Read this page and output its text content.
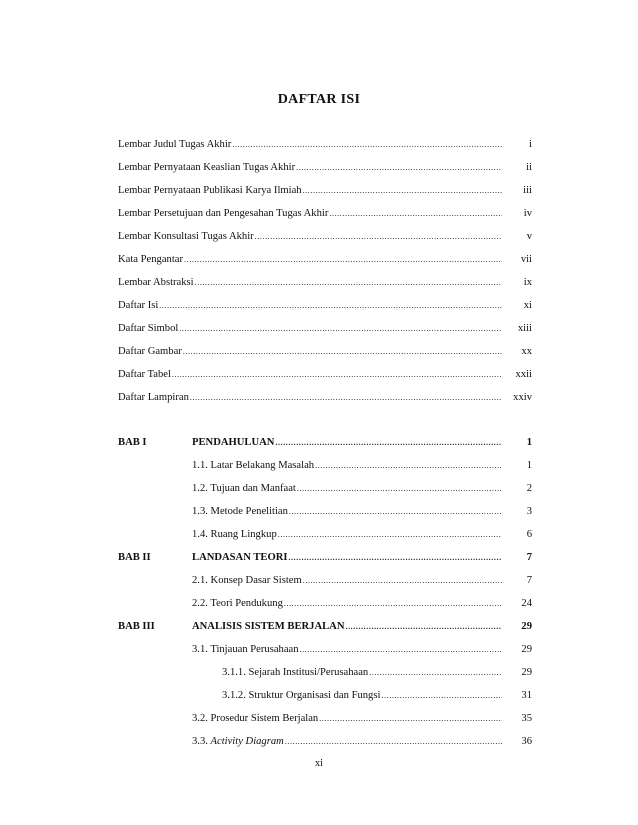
DAFTAR ISI
Lembar Judul Tugas Akhir .....	i
Lembar Pernyataan Keaslian Tugas Akhir .....	ii
Lembar Pernyataan Publikasi Karya Ilmiah .....	iii
Lembar Persetujuan dan Pengesahan Tugas Akhir .....	iv
Lembar Konsultasi Tugas Akhir .....	v
Kata Pengantar .....	vii
Lembar Abstraksi .....	ix
Daftar Isi .....	xi
Daftar Simbol .....	xiii
Daftar Gambar .....	xx
Daftar Tabel .....	xxii
Daftar Lampiran .....	xxiv
BAB I	PENDAHULUAN .....	1
1.1. Latar Belakang Masalah .....	1
1.2. Tujuan dan Manfaat .....	2
1.3. Metode Penelitian .....	3
1.4. Ruang Lingkup .....	6
BAB II	LANDASAN TEORI .....	7
2.1. Konsep Dasar Sistem .....	7
2.2. Teori Pendukung .....	24
BAB III	ANALISIS SISTEM BERJALAN .....	29
3.1. Tinjauan Perusahaan .....	29
3.1.1. Sejarah Institusi/Perusahaan .....	29
3.1.2. Struktur Organisasi dan Fungsi .....	31
3.2. Prosedur Sistem Berjalan .....	35
3.3. Activity Diagram .....	36
xi
